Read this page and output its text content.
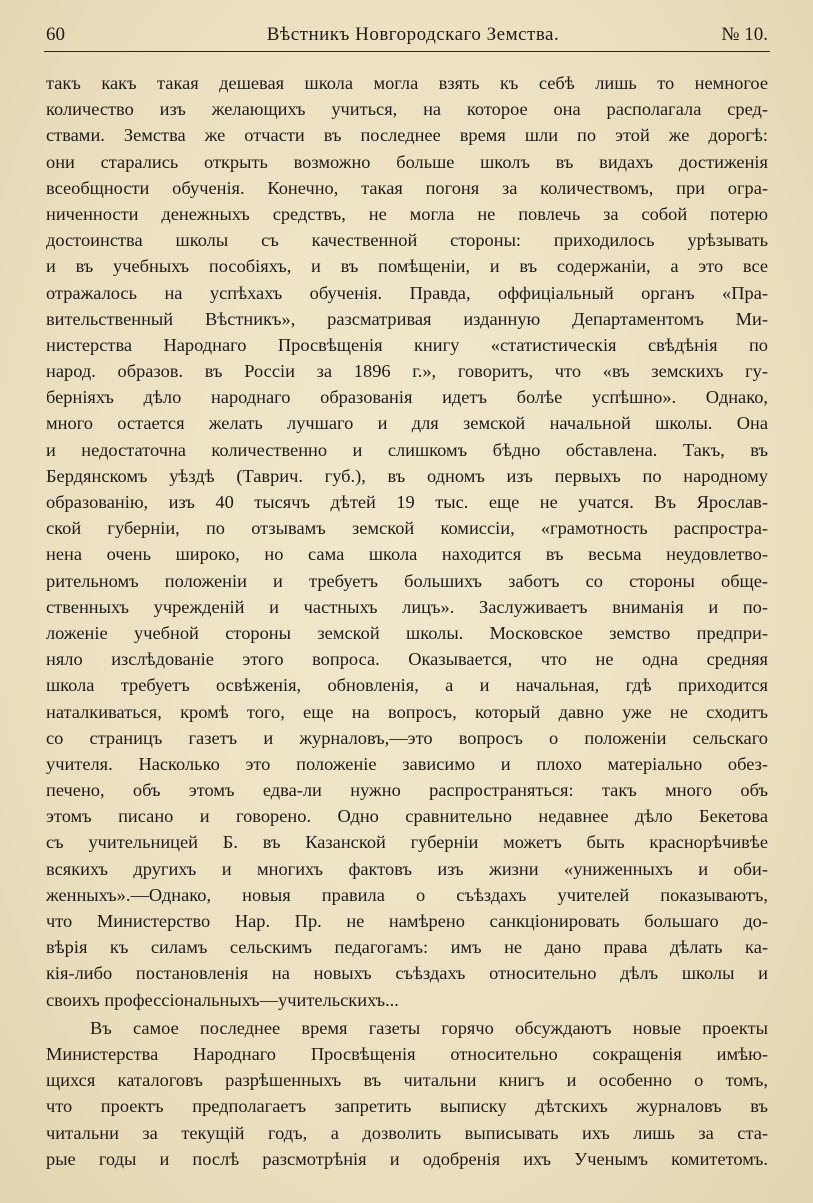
60	Вѣстникъ Новгородскаго Земства.	№ 10.
такъ какъ такая дешевая школа могла взять къ себѣ лишь то немногое
количество изъ желающихъ учиться, на которое она располагала сред-
ствами. Земства же отчасти въ последнее время шли по этой же дорогѣ:
они старались открыть возможно больше школъ въ видахъ достиженія
всеобщности обученія. Конечно, такая погоня за количествомъ, при огра-
ниченности денежныхъ средствъ, не могла не повлечь за собой потерю
достоинства школы съ качественной стороны: приходилось урѣзывать
и въ учебныхъ пособіяхъ, и въ помѣщеніи, и въ содержаніи, а это все
отражалось на успѣхахъ обученія. Правда, оффиціальный органъ «Пра-
вительственный Вѣстникъ», разсматривая изданную Департаментомъ Ми-
нистерства Народнаго Просвѣщенія книгу «статистическія свѣдѣнія по
народ. образов. въ Россіи за 1896 г.», говоритъ, что «въ земскихъ гу-
берніяхъ дѣло народнаго образованія идетъ болѣе успѣшно». Однако,
много остается желать лучшаго и для земской начальной школы. Она
и недостаточна количественно и слишкомъ бѣдно обставлена. Такъ, въ
Бердянскомъ уѣздѣ (Таврич. губ.), въ одномъ изъ первыхъ по народному
образованію, изъ 40 тысячъ дѣтей 19 тыс. еще не учатся. Въ Ярослав-
ской губерніи, по отзывамъ земской комиссіи, «грамотность распростра-
нена очень широко, но сама школа находится въ весьма неудовлетво-
рительномъ положеніи и требуетъ большихъ заботъ со стороны обще-
ственныхъ учрежденій и частныхъ лицъ». Заслуживаетъ вниманія и по-
ложеніе учебной стороны земской школы. Московское земство предпри-
няло изслѣдованіе этого вопроса. Оказывается, что не одна средняя
школа требуетъ освѣженія, обновленія, а и начальная, гдѣ приходится
наталкиваться, кромѣ того, еще на вопросъ, который давно уже не сходитъ
со страницъ газетъ и журналовъ,—это вопросъ о положеніи сельскаго
учителя. Насколько это положеніе зависимо и плохо матеріально обез-
печено, объ этомъ едва-ли нужно распространяться: такъ много объ
этомъ писано и говорено. Одно сравнительно недавнее дѣло Бекетова
съ учительницей Б. въ Казанской губерніи можетъ быть краснорѣчивѣе
всякихъ другихъ и многихъ фактовъ изъ жизни «униженныхъ и оби-
женныхъ».—Однако, новыя правила о съѣздахъ учителей показываютъ,
что Министерство Нар. Пр. не намѣрено санкціонировать большаго до-
вѣрія къ силамъ сельскимъ педагогамъ: имъ не дано права дѣлать ка-
кія-либо постановленія на новыхъ съѣздахъ относительно дѣлъ школы и
своихъ профессіональныхъ—учительскихъ...
Въ самое последнее время газеты горячо обсуждаютъ новые проекты
Министерства Народнаго Просвѣщенія относительно сокращенія имѣю-
щихся каталоговъ разрѣшенныхъ въ читальни книгъ и особенно о томъ,
что проектъ предполагаетъ запретить выписку дѣтскихъ журналовъ въ
читальни за текущій годъ, а дозволить выписывать ихъ лишь за ста-
рые годы и послѣ разсмотрѣнія и одобренія ихъ Ученымъ комитетомъ.
